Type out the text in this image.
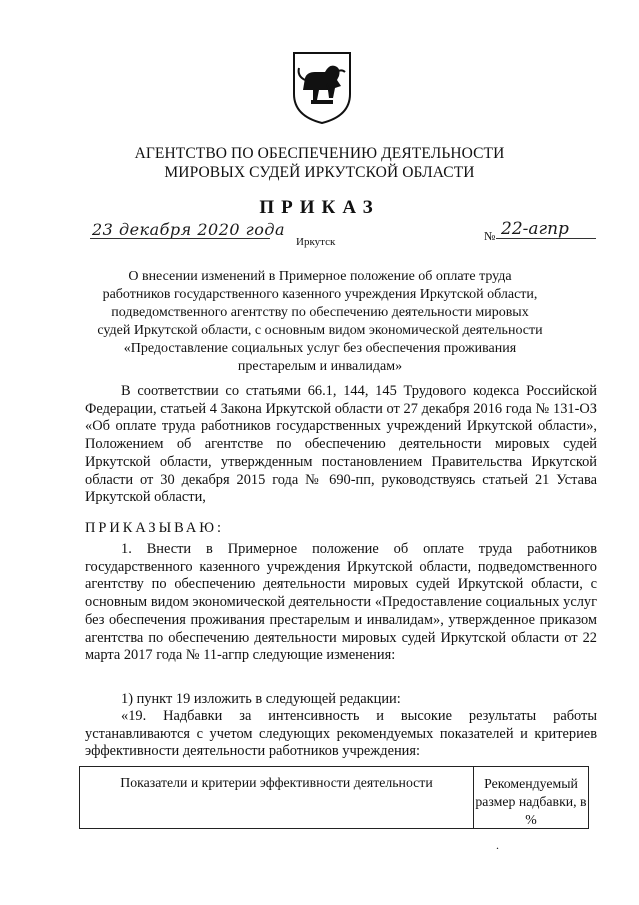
АГЕНТСТВО ПО ОБЕСПЕЧЕНИЮ ДЕЯТЕЛЬНОСТИ
МИРОВЫХ СУДЕЙ ИРКУТСКОЙ ОБЛАСТИ
ПРИКАЗ
23 декабря 2020 года
Иркутск	№ 22-агпр
О внесении изменений в Примерное положение об оплате труда работников государственного казенного учреждения Иркутской области, подведомственного агентству по обеспечению деятельности мировых судей Иркутской области, с основным видом экономической деятельности «Предоставление социальных услуг без обеспечения проживания престарелым и инвалидам»
В соответствии со статьями 66.1, 144, 145 Трудового кодекса Российской Федерации, статьей 4 Закона Иркутской области от 27 декабря 2016 года № 131-ОЗ «Об оплате труда работников государственных учреждений Иркутской области», Положением об агентстве по обеспечению деятельности мировых судей Иркутской области, утвержденным постановлением Правительства Иркутской области от 30 декабря 2015 года № 690-пп, руководствуясь статьей 21 Устава Иркутской области,
ПРИКАЗЫВАЮ:
1. Внести в Примерное положение об оплате труда работников государственного казенного учреждения Иркутской области, подведомственного агентству по обеспечению деятельности мировых судей Иркутской области, с основным видом экономической деятельности «Предоставление социальных услуг без обеспечения проживания престарелым и инвалидам», утвержденное приказом агентства по обеспечению деятельности мировых судей Иркутской области от 22 марта 2017 года № 11-агпр следующие изменения:
1) пункт 19 изложить в следующей редакции:
«19. Надбавки за интенсивность и высокие результаты работы устанавливаются с учетом следующих рекомендуемых показателей и критериев эффективности деятельности работников учреждения:
Показатели и критерии эффективности деятельности	Рекомендуемый размер надбавки, в %
.
